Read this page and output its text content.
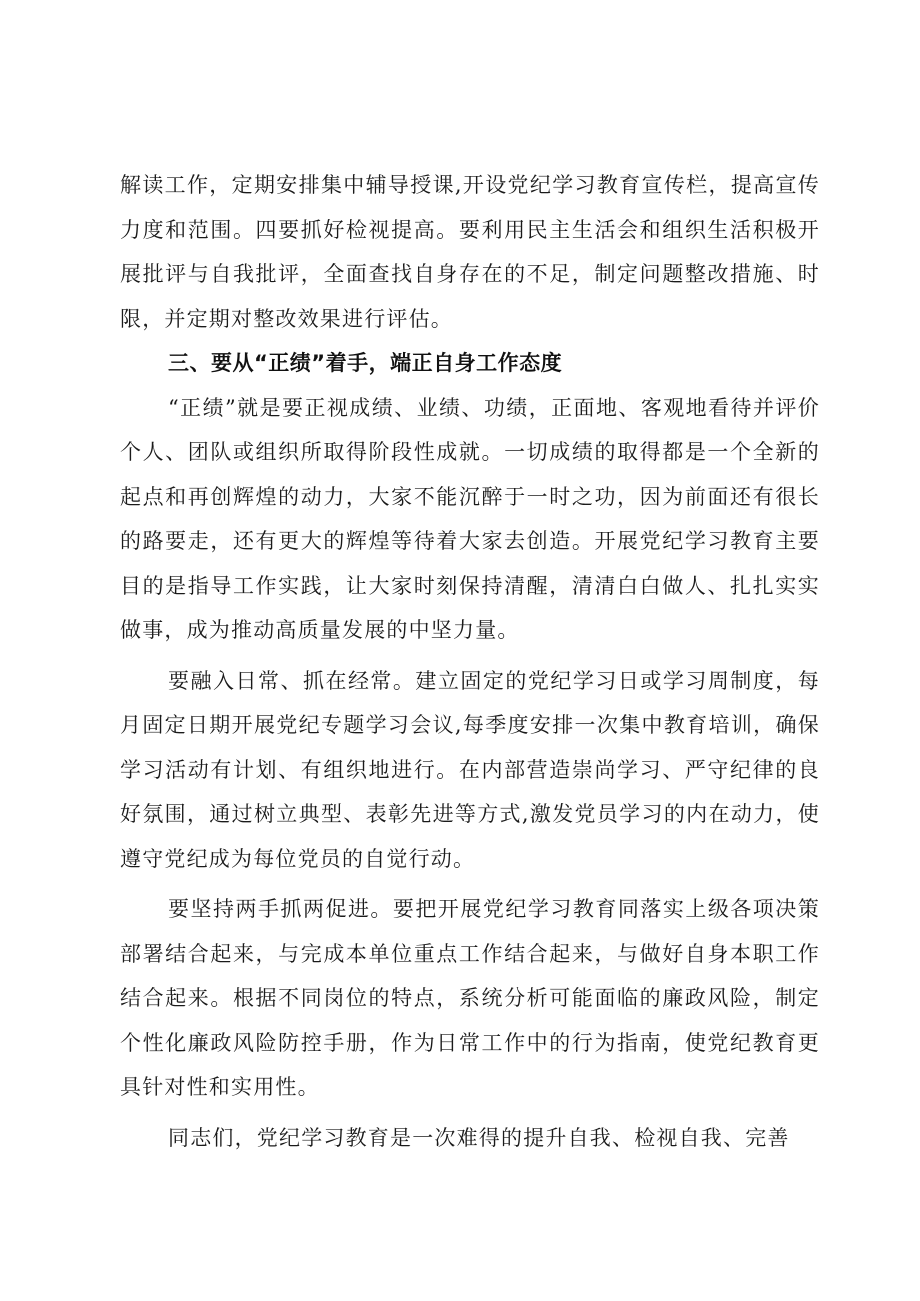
解读工作，定期安排集中辅导授课,开设党纪学习教育宣传栏，提高宣传力度和范围。四要抓好检视提高。要利用民主生活会和组织生活积极开展批评与自我批评，全面查找自身存在的不足，制定问题整改措施、时限，并定期对整改效果进行评估。

三、要从“正绩”着手，端正自身工作态度

“正绩”就是要正视成绩、业绩、功绩，正面地、客观地看待并评价个人、团队或组织所取得阶段性成就。一切成绩的取得都是一个全新的起点和再创辉煌的动力，大家不能沉醉于一时之功，因为前面还有很长的路要走，还有更大的辉煌等待着大家去创造。开展党纪学习教育主要目的是指导工作实践，让大家时刻保持清醒，清清白白做人、扎扎实实做事，成为推动高质量发展的中坚力量。

要融入日常、抓在经常。建立固定的党纪学习日或学习周制度，每月固定日期开展党纪专题学习会议,每季度安排一次集中教育培训，确保学习活动有计划、有组织地进行。在内部营造崇尚学习、严守纪律的良好氛围，通过树立典型、表彰先进等方式,激发党员学习的内在动力，使遵守党纪成为每位党员的自觉行动。

要坚持两手抓两促进。要把开展党纪学习教育同落实上级各项决策部署结合起来，与完成本单位重点工作结合起来，与做好自身本职工作结合起来。根据不同岗位的特点，系统分析可能面临的廉政风险，制定个性化廉政风险防控手册，作为日常工作中的行为指南，使党纪教育更具针对性和实用性。

同志们，党纪学习教育是一次难得的提升自我、检视自我、完善
